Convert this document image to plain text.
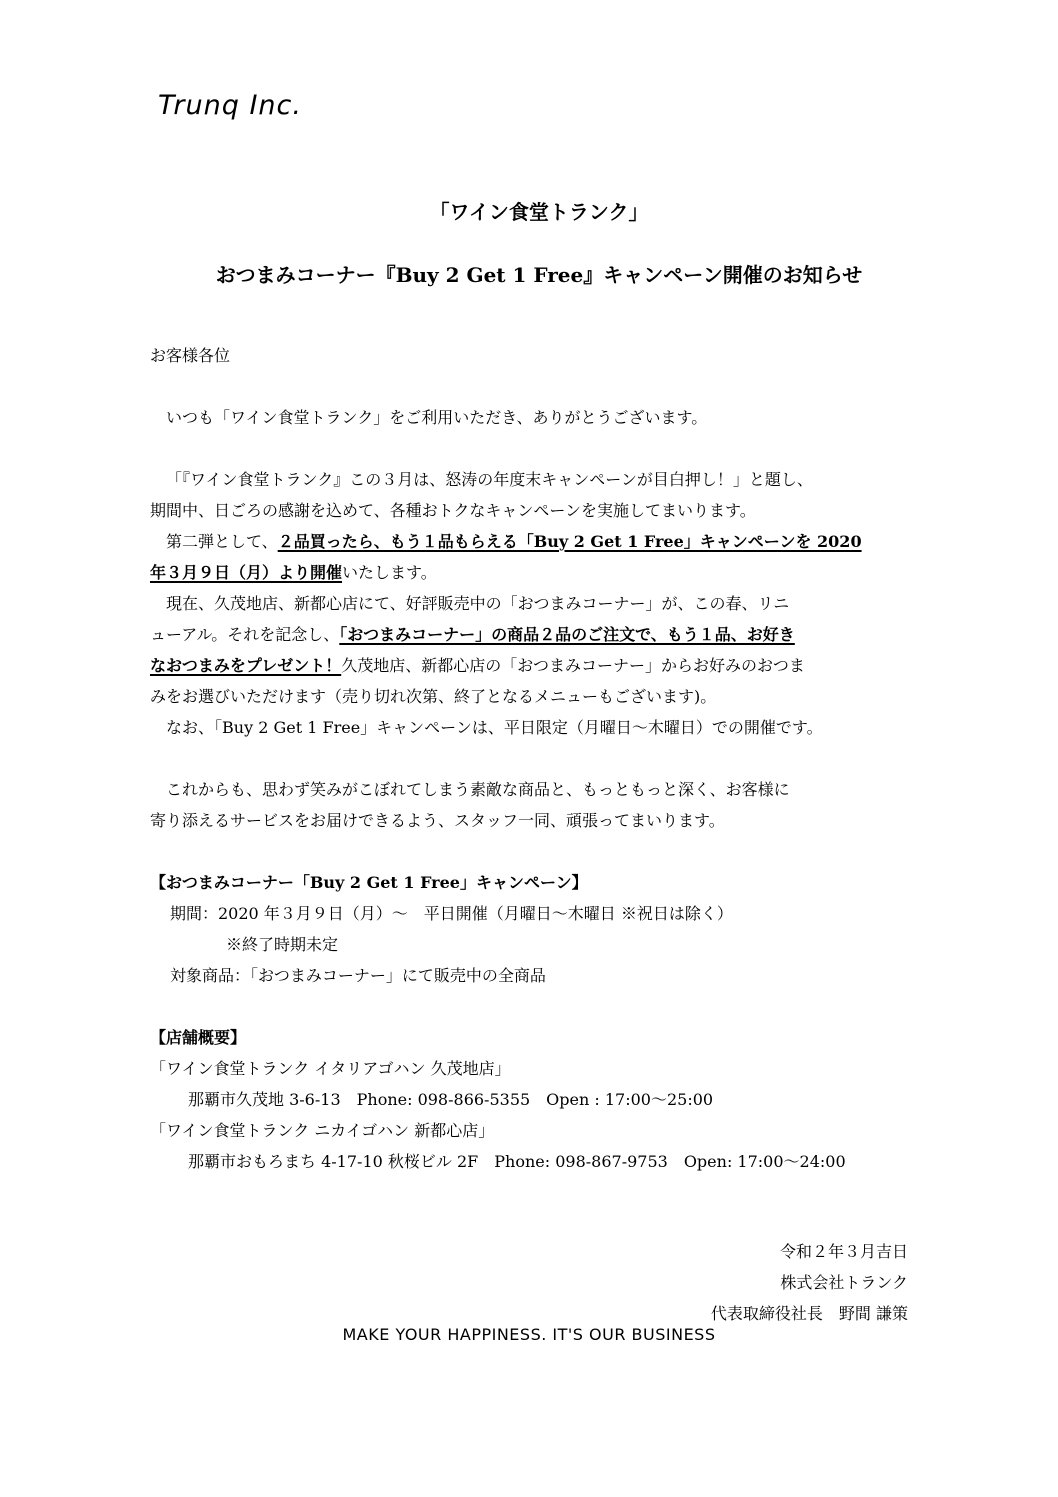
Trunq Inc.
「ワイン食堂トランク」
おつまみコーナー『Buy 2 Get 1 Free』キャンペーン開催のお知らせ

お客様各位

いつも「ワイン食堂トランク」をご利用いただき、ありがとうございます。

「『ワイン食堂トランク』この３月は、怒涛の年度末キャンペーンが目白押し！」と題し、

期間中、日ごろの感謝を込めて、各種おトクなキャンペーンを実施してまいります。

第二弾として、２品買ったら、もう１品もらえる「Buy 2 Get 1 Free」キャンペーンを 2020

年３月９日（月）より開催いたします。

現在、久茂地店、新都心店にて、好評販売中の「おつまみコーナー」が、この春、リニ

ューアル。それを記念し、「おつまみコーナー」の商品２品のご注文で、もう１品、お好き

なおつまみをプレゼント！久茂地店、新都心店の「おつまみコーナー」からお好みのおつま

みをお選びいただけます（売り切れ次第、終了となるメニューもございます)。

なお、「Buy 2 Get 1 Free」キャンペーンは、平日限定（月曜日～木曜日）での開催です。

これからも、思わず笑みがこぼれてしまう素敵な商品と、もっともっと深く、お客様に

寄り添えるサービスをお届けできるよう、スタッフ一同、頑張ってまいります。

【おつまみコーナー「Buy 2 Get 1 Free」キャンペーン】

期間：2020 年３月９日（月）～　平日開催（月曜日～木曜日 ※祝日は除く）

※終了時期未定

対象商品：「おつまみコーナー」にて販売中の全商品

【店舗概要】

「ワイン食堂トランク イタリアゴハン 久茂地店」

那覇市久茂地 3-6-13　Phone: 098-866-5355　Open : 17:00～25:00

「ワイン食堂トランク ニカイゴハン 新都心店」

那覇市おもろまち 4-17-10 秋桜ビル 2F　Phone: 098-867-9753　Open: 17:00～24:00

令和２年３月吉日
株式会社トランク
代表取締役社長　野間 謙策
MAKE YOUR HAPPINESS. IT'S OUR BUSINESS
